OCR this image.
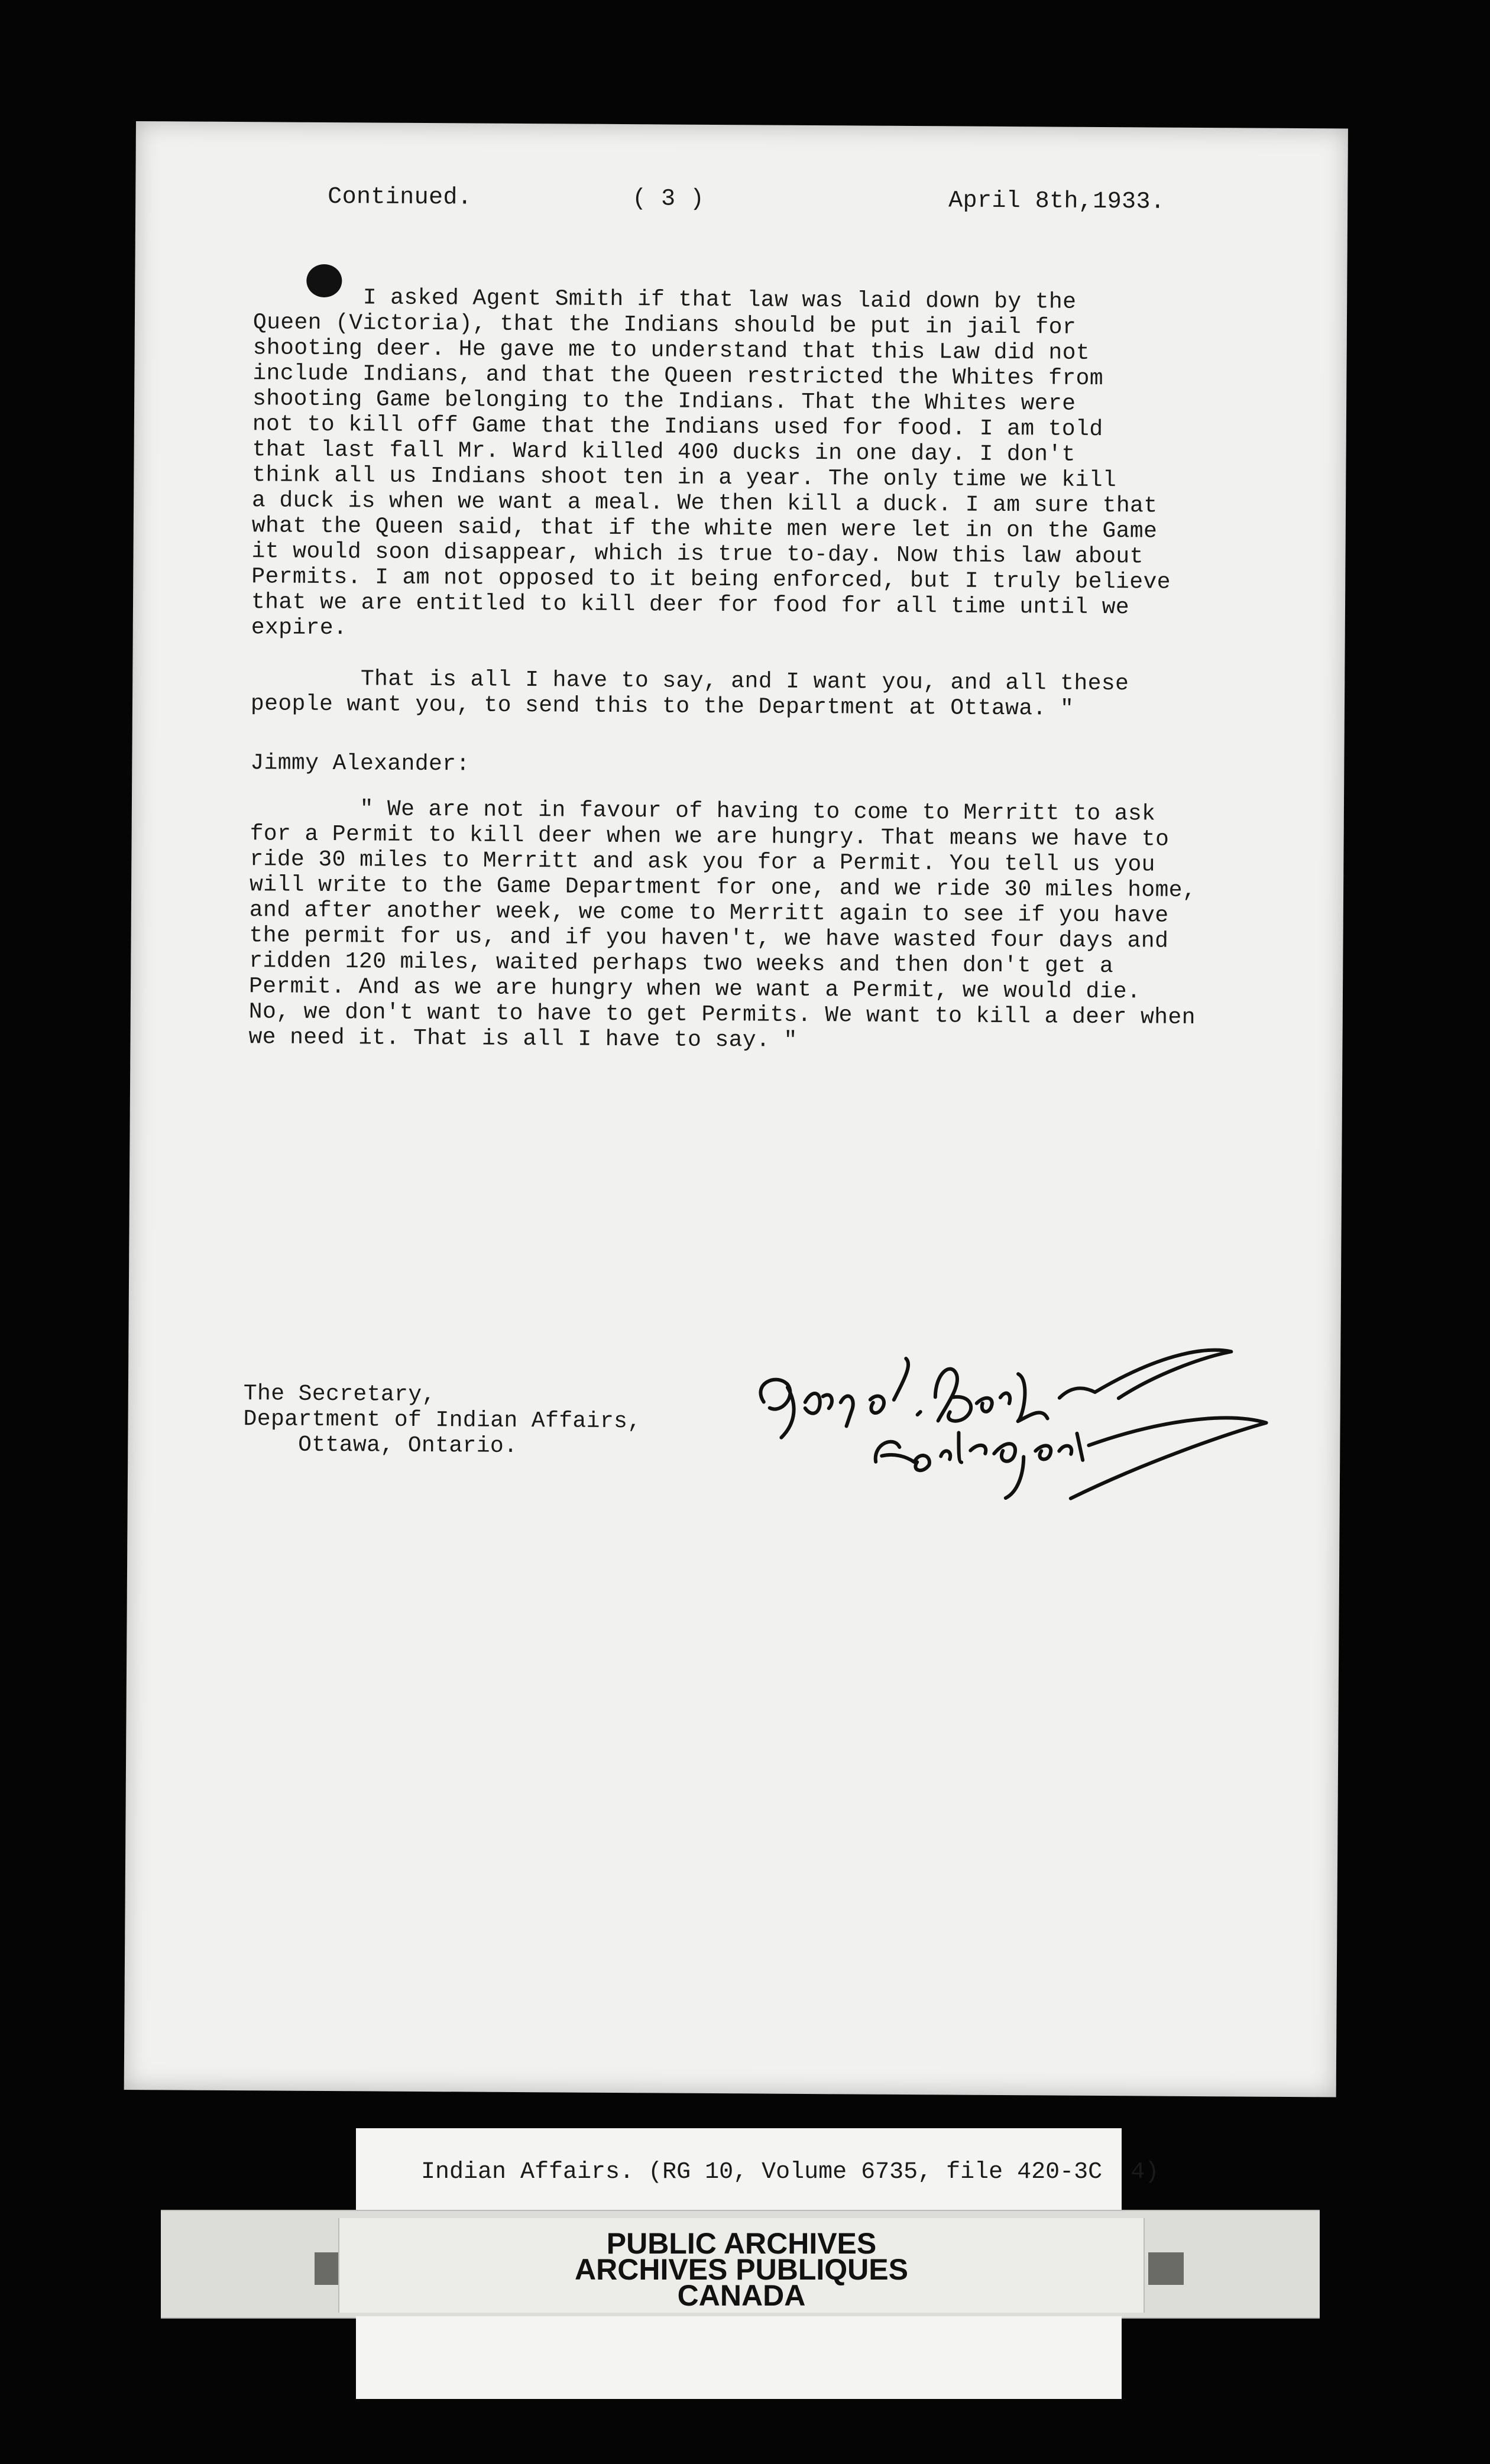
Continued.	( 3 )	April 8th,1933.
I asked Agent Smith if that law was laid down by the
Queen (Victoria), that the Indians should be put in jail for
shooting deer. He gave me to understand that this Law did not
include Indians, and that the Queen restricted the Whites from
shooting Game belonging to the Indians. That the Whites were
not to kill off Game that the Indians used for food. I am told
that last fall Mr. Ward killed 400 ducks in one day. I don't
think all us Indians shoot ten in a year. The only time we kill
a duck is when we want a meal. We then kill a duck. I am sure that
what the Queen said, that if the white men were let in on the Game
it would soon disappear, which is true to-day. Now this law about
Permits. I am not opposed to it being enforced, but I truly believe
that we are entitled to kill deer for food for all time until we
expire.
That is all I have to say, and I want you, and all these
people want you, to send this to the Department at Ottawa. "
Jimmy Alexander:
" We are not in favour of having to come to Merritt to ask
for a Permit to kill deer when we are hungry. That means we have to
ride 30 miles to Merritt and ask you for a Permit. You tell us you
will write to the Game Department for one, and we ride 30 miles home,
and after another week, we come to Merritt again to see if you have
the permit for us, and if you haven't, we have wasted four days and
ridden 120 miles, waited perhaps two weeks and then don't get a
Permit. And as we are hungry when we want a Permit, we would die.
No, we don't want to have to get Permits. We want to kill a deer when
we need it. That is all I have to say. "
The Secretary,
Department of Indian Affairs,
Ottawa, Ontario.
Indian Affairs. (RG 10, Volume 6735, file 420-3C  4)
PUBLIC ARCHIVES
ARCHIVES PUBLIQUES
CANADA
